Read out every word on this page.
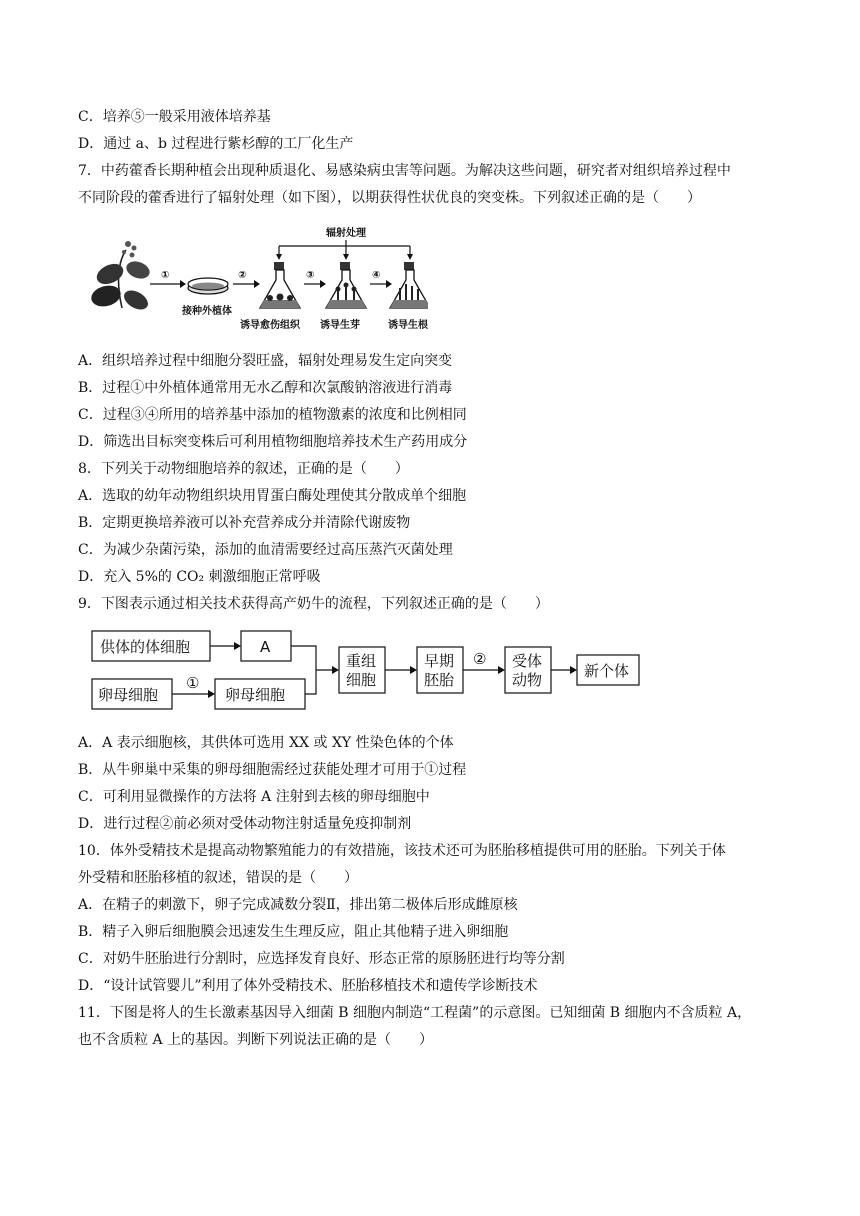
C．培养⑤一般采用液体培养基
D．通过 a、b 过程进行紫杉醇的工厂化生产
7．中药藿香长期种植会出现种质退化、易感染病虫害等问题。为解决这些问题，研究者对组织培养过程中
不同阶段的藿香进行了辐射处理（如下图），以期获得性状优良的突变株。下列叙述正确的是（　　）
①
接种外植体
②
诱导愈伤组织
③
诱导生芽
④
诱导生根
辐射处理
A．组织培养过程中细胞分裂旺盛，辐射处理易发生定向突变
B．过程①中外植体通常用无水乙醇和次氯酸钠溶液进行消毒
C．过程③④所用的培养基中添加的植物激素的浓度和比例相同
D．筛选出目标突变株后可利用植物细胞培养技术生产药用成分
8．下列关于动物细胞培养的叙述，正确的是（　　）
A．选取的幼年动物组织块用胃蛋白酶处理使其分散成单个细胞
B．定期更换培养液可以补充营养成分并清除代谢废物
C．为减少杂菌污染，添加的血清需要经过高压蒸汽灭菌处理
D．充入 5%的 CO₂ 刺激细胞正常呼吸
9．下图表示通过相关技术获得高产奶牛的流程，下列叙述正确的是（　　）
供体的体细胞	A
卵母细胞
①
卵母细胞
重组
细胞
早期
胚胎
② 受体
动物	新个体
A．A 表示细胞核，其供体可选用 XX 或 XY 性染色体的个体
B．从牛卵巢中采集的卵母细胞需经过获能处理才可用于①过程
C．可利用显微操作的方法将 A 注射到去核的卵母细胞中
D．进行过程②前必须对受体动物注射适量免疫抑制剂
10．体外受精技术是提高动物繁殖能力的有效措施，该技术还可为胚胎移植提供可用的胚胎。下列关于体
外受精和胚胎移植的叙述，错误的是（　　）
A．在精子的刺激下，卵子完成减数分裂Ⅱ，排出第二极体后形成雌原核
B．精子入卵后细胞膜会迅速发生生理反应，阻止其他精子进入卵细胞
C．对奶牛胚胎进行分割时，应选择发育良好、形态正常的原肠胚进行均等分割
D．“设计试管婴儿”利用了体外受精技术、胚胎移植技术和遗传学诊断技术
11．下图是将人的生长激素基因导入细菌 B 细胞内制造“工程菌”的示意图。已知细菌 B 细胞内不含质粒 A，
也不含质粒 A 上的基因。判断下列说法正确的是（　　）
